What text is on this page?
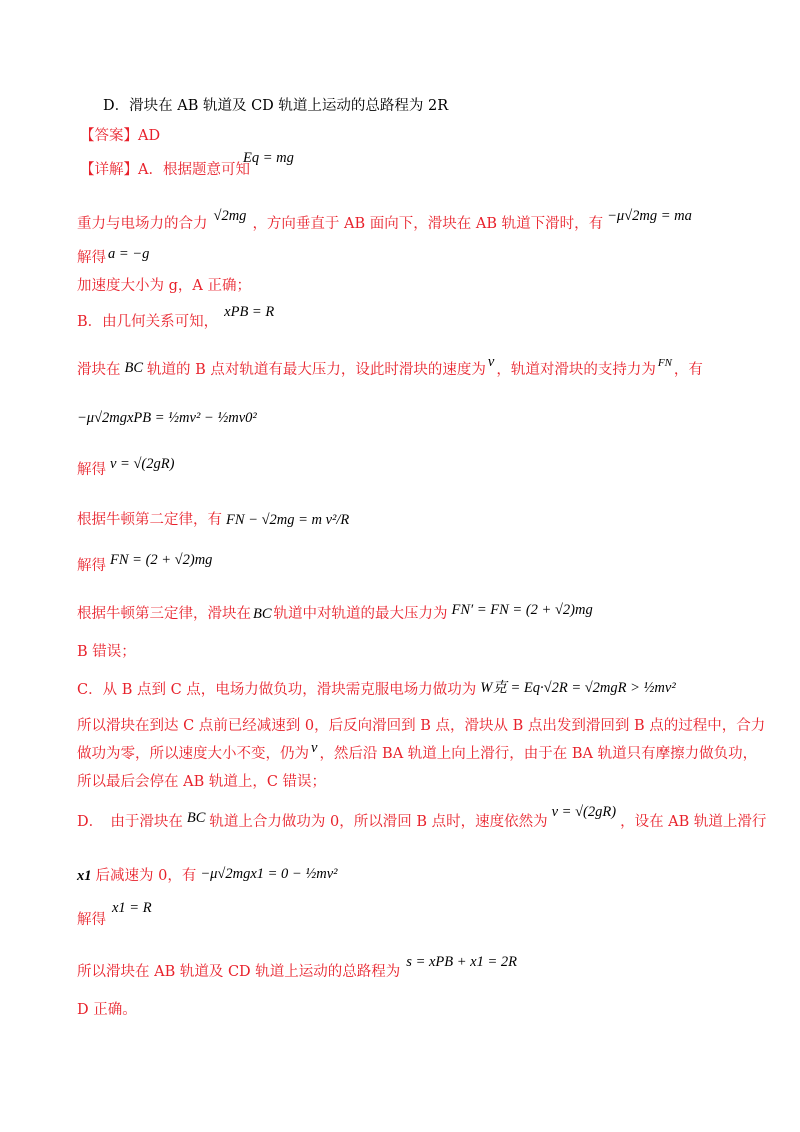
D．滑块在 AB 轨道及 CD 轨道上运动的总路程为 2R
【答案】AD
【详解】A．根据题意可知
Eq = mg
重力与电场力的合力 √2mg ，方向垂直于 AB 面向下，滑块在 AB 轨道下滑时，有 −μ√2mg = ma
解得 a = −g
加速度大小为 g，A 正确；
B．由几何关系可知，xPB = R
滑块在 BC 轨道的 B 点对轨道有最大压力，设此时滑块的速度为 v ，轨道对滑块的支持力为 $^{FN}$ ，有
−μ√2mgxPB = ½mv² − ½mv0²
解得 v = √(2gR)
根据牛顿第二定律，有 FN − √2mg = m v²/R
解得 FN = (2 + √2)mg
根据牛顿第三定律，滑块在 BC 轨道中对轨道的最大压力为 FN′ = FN = (2 + √2)mg
B 错误；
C．从 B 点到 C 点，电场力做负功，滑块需克服电场力做功为 W克 = Eq·√2R = √2mgR > ½mv²
所以滑块在到达 C 点前已经减速到 0，后反向滑回到 B 点，滑块从 B 点出发到滑回到 B 点的过程中，合力
做功为零，所以速度大小不变，仍为 v ，然后沿 BA 轨道上向上滑行，由于在 BA 轨道只有摩擦力做负功，
所以最后会停在 AB 轨道上，C 错误；
D．　由于滑块在 BC 轨道上合力做功为 0，所以滑回 B 点时，速度依然为v = √(2gR)，设在 AB 轨道上滑行
x1 后减速为 0，有 −μ√2mgx1 = 0 − ½mv²
解得x1 = R
所以滑块在 AB 轨道及 CD 轨道上运动的总路程为s = xPB + x1 = 2R
D 正确。
